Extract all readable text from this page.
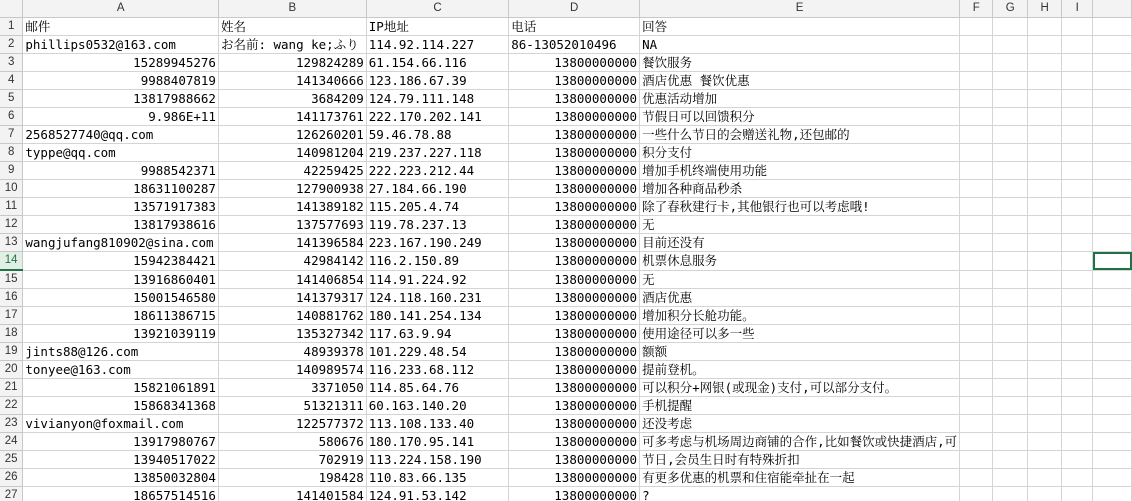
	A	B	C	D	E	F	G	H	I	
1	邮件	姓名	IP地址	电话	回答					
2	phillips0532@163.com	お名前: wang ke;ふり	114.92.114.227	86-13052010496	NA					
3	15289945276	129824289	61.154.66.116	13800000000	餐饮服务					
4	9988407819	141340666	123.186.67.39	13800000000	酒店优惠 餐饮优惠					
5	13817988662	3684209	124.79.111.148	13800000000	优惠活动增加					
6	9.986E+11	141173761	222.170.202.141	13800000000	节假日可以回馈积分					
7	2568527740@qq.com	126260201	59.46.78.88	13800000000	一些什么节日的会赠送礼物,还包邮的					
8	typpe@qq.com	140981204	219.237.227.118	13800000000	积分支付					
9	9988542371	42259425	222.223.212.44	13800000000	增加手机终端使用功能					
10	18631100287	127900938	27.184.66.190	13800000000	增加各种商品秒杀					
11	13571917383	141389182	115.205.4.74	13800000000	除了春秋建行卡,其他银行也可以考虑哦!					
12	13817938616	137577693	119.78.237.13	13800000000	无					
13	wangjufang810902@sina.com	141396584	223.167.190.249	13800000000	目前还没有					
14	15942384421	42984142	116.2.150.89	13800000000	机票休息服务					
15	13916860401	141406854	114.91.224.92	13800000000	无					
16	15001546580	141379317	124.118.160.231	13800000000	酒店优惠					
17	18611386715	140881762	180.141.254.134	13800000000	增加积分长舱功能。					
18	13921039119	135327342	117.63.9.94	13800000000	使用途径可以多一些					
19	jints88@126.com	48939378	101.229.48.54	13800000000	额额					
20	tonyee@163.com	140989574	116.233.68.112	13800000000	提前登机。					
21	15821061891	3371050	114.85.64.76	13800000000	可以积分+网银(或现金)支付,可以部分支付。					
22	15868341368	51321311	60.163.140.20	13800000000	手机提醒					
23	vivianyon@foxmail.com	122577372	113.108.133.40	13800000000	还没考虑					
24	13917980767	580676	180.170.95.141	13800000000	可多考虑与机场周边商铺的合作,比如餐饮或快捷酒店,可					
25	13940517022	702919	113.224.158.190	13800000000	节日,会员生日时有特殊折扣					
26	13850032804	198428	110.83.66.135	13800000000	有更多优惠的机票和住宿能牵扯在一起					
27	18657514516	141401584	124.91.53.142	13800000000	?					
